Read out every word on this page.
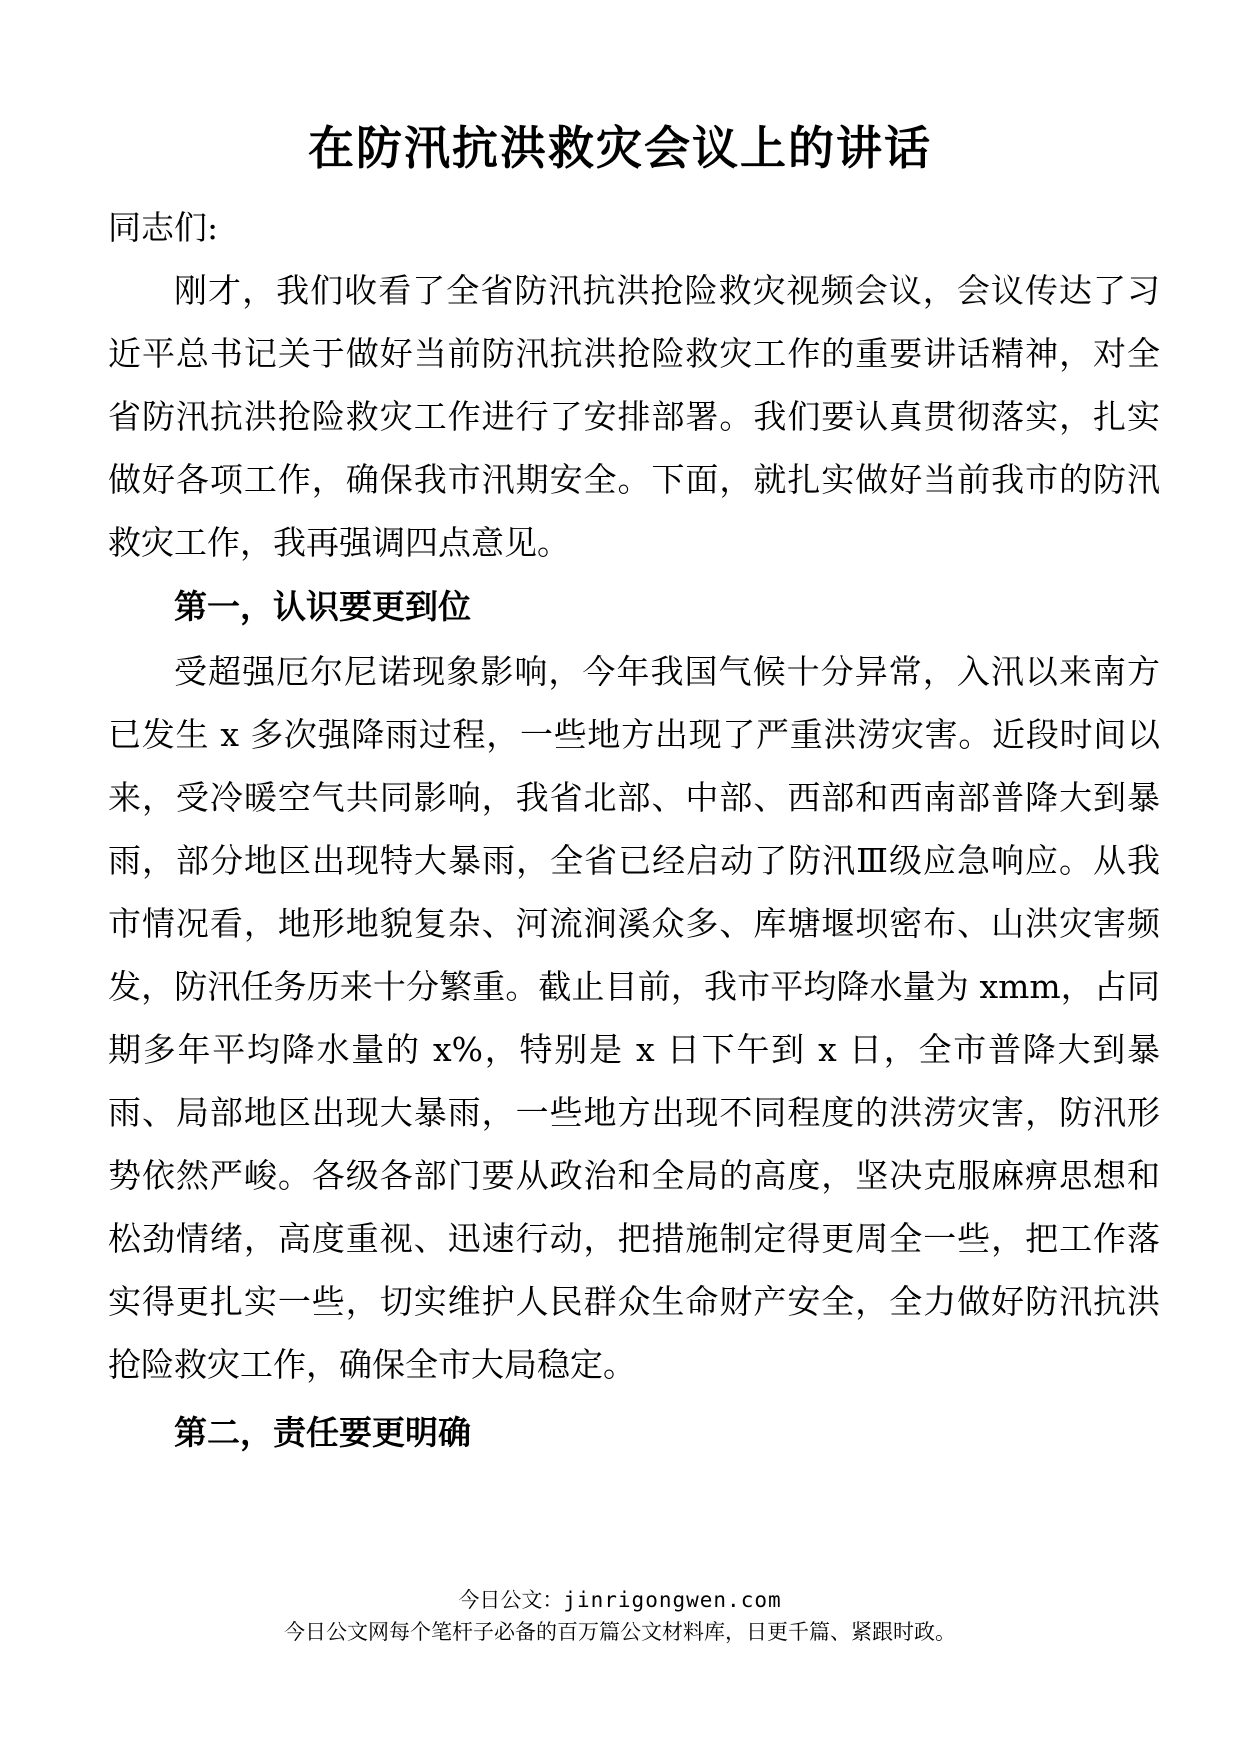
在防汛抗洪救灾会议上的讲话

同志们:

刚才，我们收看了全省防汛抗洪抢险救灾视频会议，会议传达了习近平总书记关于做好当前防汛抗洪抢险救灾工作的重要讲话精神，对全省防汛抗洪抢险救灾工作进行了安排部署。我们要认真贯彻落实，扎实做好各项工作，确保我市汛期安全。下面，就扎实做好当前我市的防汛救灾工作，我再强调四点意见。

第一，认识要更到位

受超强厄尔尼诺现象影响，今年我国气候十分异常，入汛以来南方已发生 x 多次强降雨过程，一些地方出现了严重洪涝灾害。近段时间以来，受冷暖空气共同影响，我省北部、中部、西部和西南部普降大到暴雨，部分地区出现特大暴雨，全省已经启动了防汛Ⅲ级应急响应。从我市情况看，地形地貌复杂、河流涧溪众多、库塘堰坝密布、山洪灾害频发，防汛任务历来十分繁重。截止目前，我市平均降水量为 xmm，占同期多年平均降水量的 x%，特别是 x 日下午到 x 日，全市普降大到暴雨、局部地区出现大暴雨，一些地方出现不同程度的洪涝灾害，防汛形势依然严峻。各级各部门要从政治和全局的高度，坚决克服麻痹思想和松劲情绪，高度重视、迅速行动，把措施制定得更周全一些，把工作落实得更扎实一些，切实维护人民群众生命财产安全，全力做好防汛抗洪抢险救灾工作，确保全市大局稳定。

第二，责任要更明确

今日公文：jinrigongwen.com
今日公文网每个笔杆子必备的百万篇公文材料库，日更千篇、紧跟时政。
